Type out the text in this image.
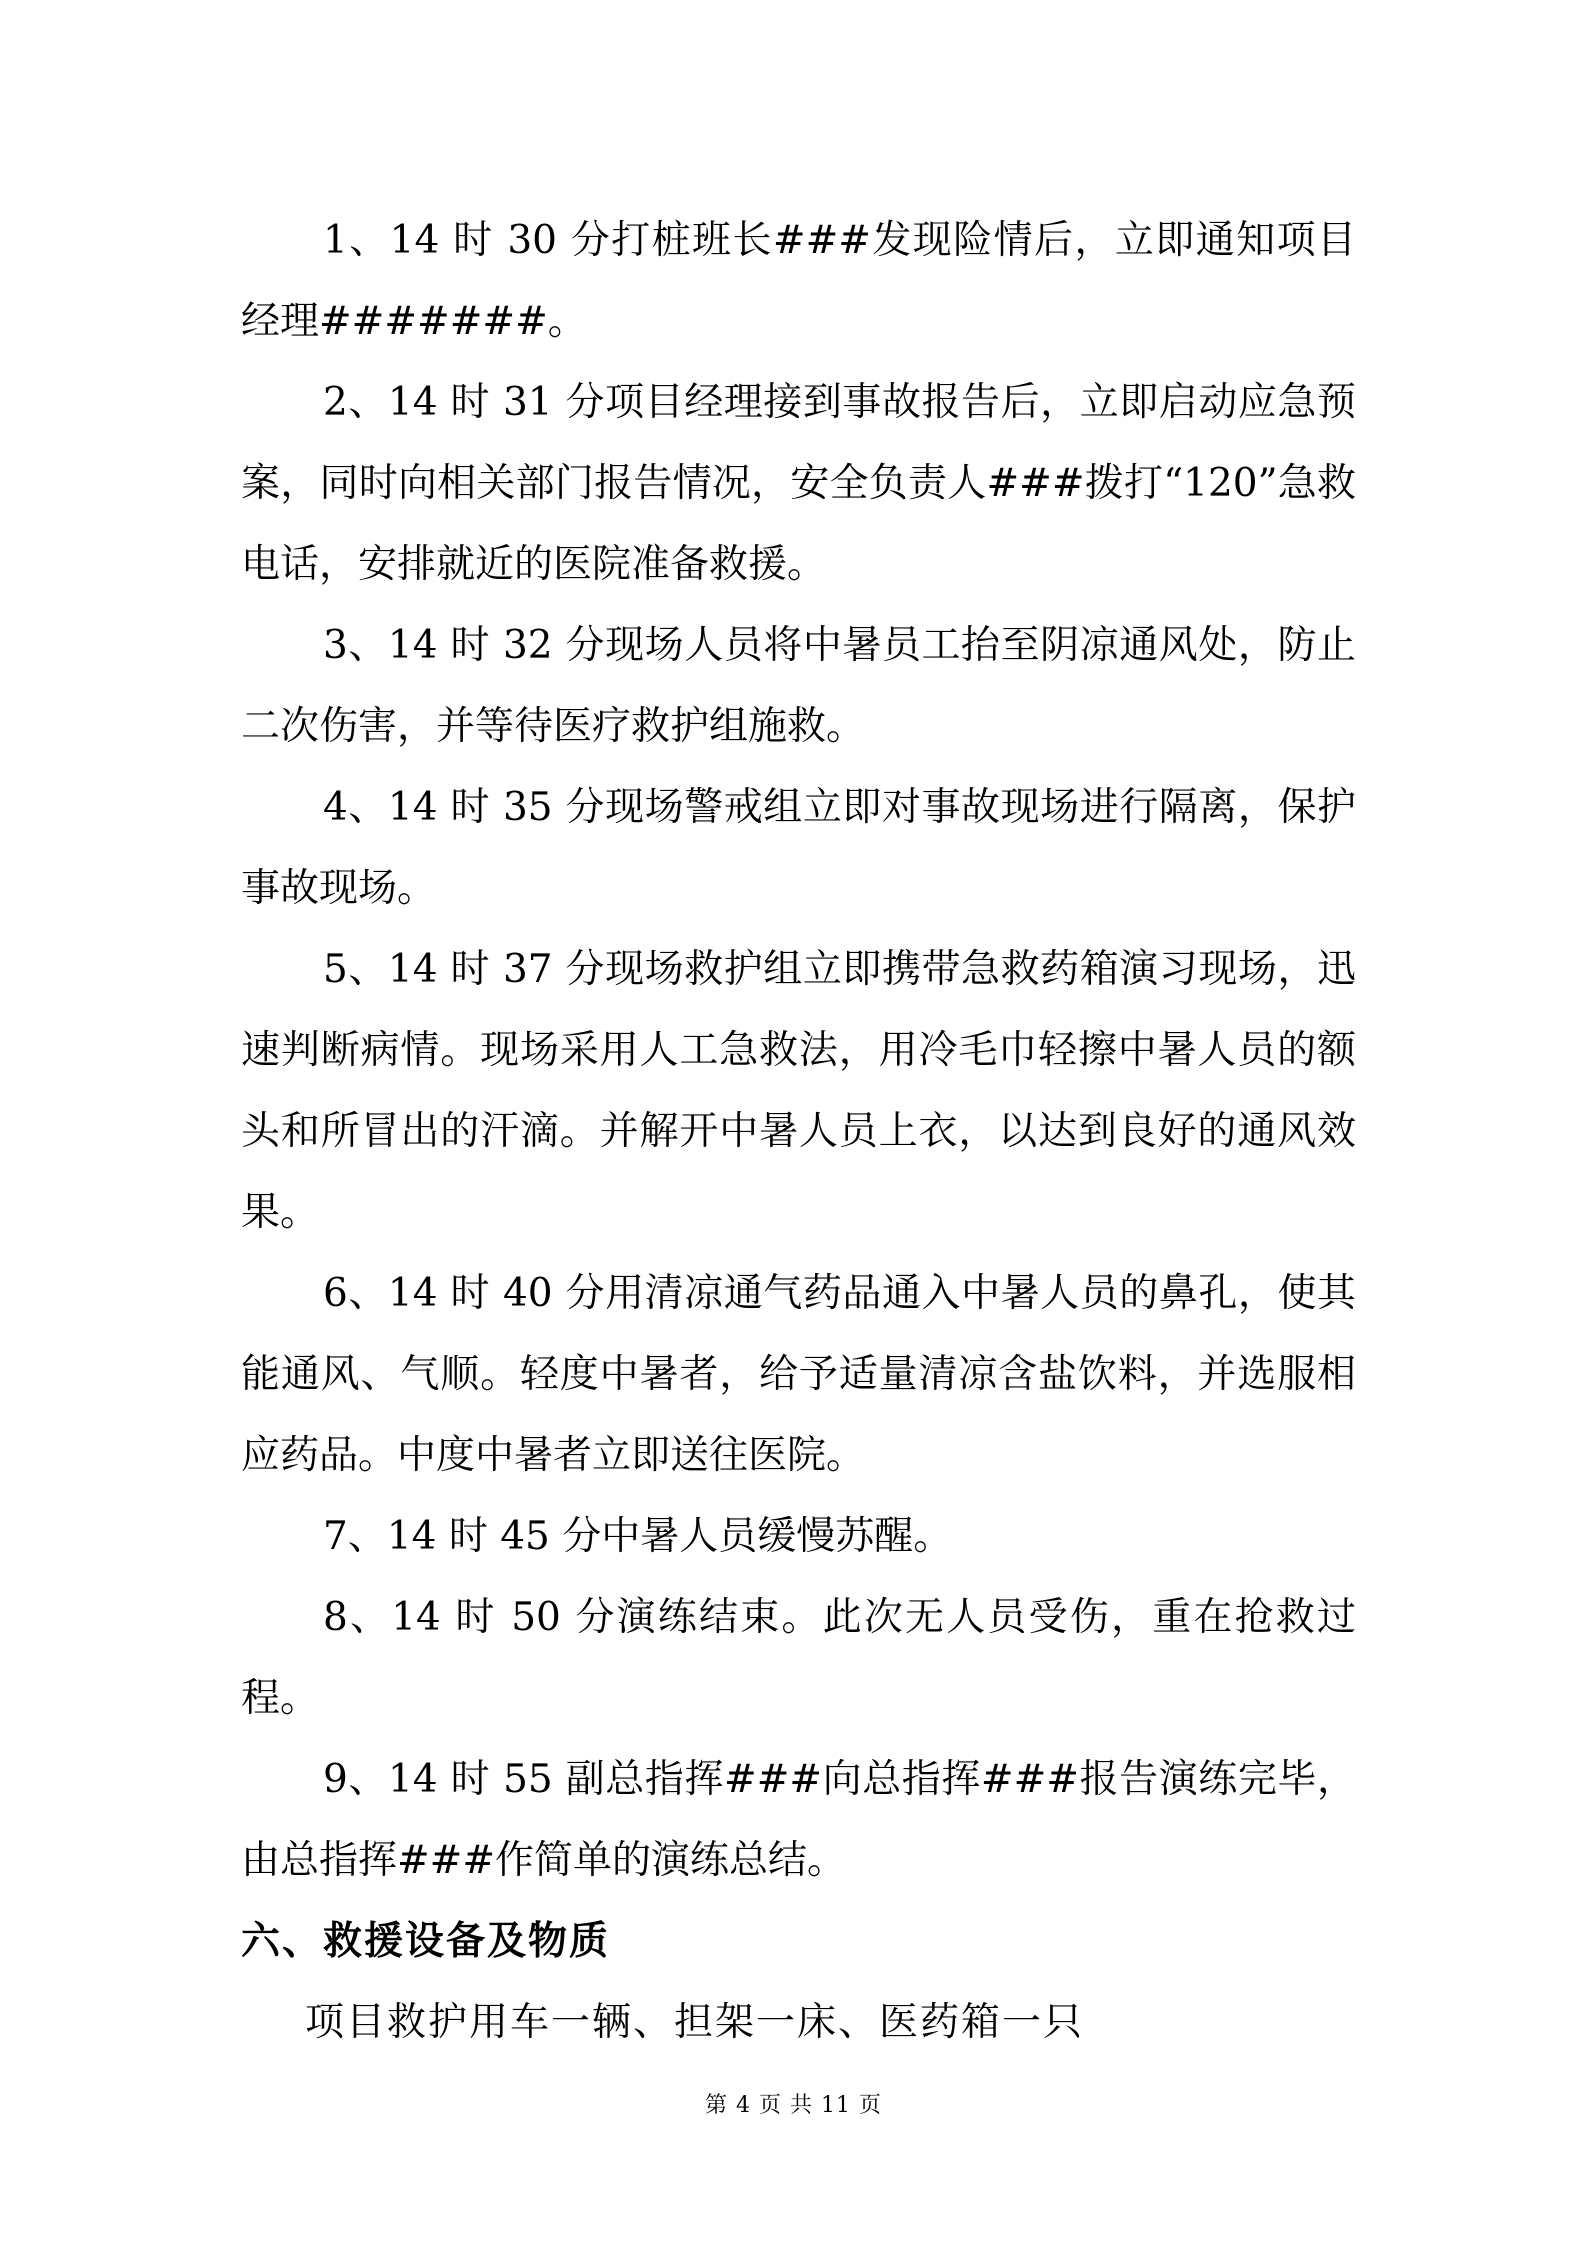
1、14 时 30 分打桩班长###发现险情后，立即通知项目经理#######。

2、14 时 31 分项目经理接到事故报告后，立即启动应急预案，同时向相关部门报告情况，安全负责人###拨打“120”急救电话，安排就近的医院准备救援。

3、14 时 32 分现场人员将中暑员工抬至阴凉通风处，防止二次伤害，并等待医疗救护组施救。

4、14 时 35 分现场警戒组立即对事故现场进行隔离，保护事故现场。

5、14 时 37 分现场救护组立即携带急救药箱演习现场，迅速判断病情。现场采用人工急救法，用冷毛巾轻擦中暑人员的额头和所冒出的汗滴。并解开中暑人员上衣，以达到良好的通风效果。

6、14 时 40 分用清凉通气药品通入中暑人员的鼻孔，使其能通风、气顺。轻度中暑者，给予适量清凉含盐饮料，并选服相应药品。中度中暑者立即送往医院。

7、14 时 45 分中暑人员缓慢苏醒。

8、14 时 50 分演练结束。此次无人员受伤，重在抢救过程。

9、14 时 55 副总指挥###向总指挥###报告演练完毕，由总指挥###作简单的演练总结。

六、救援设备及物质

项目救护用车一辆、担架一床、医药箱一只

第 4 页 共 11 页
